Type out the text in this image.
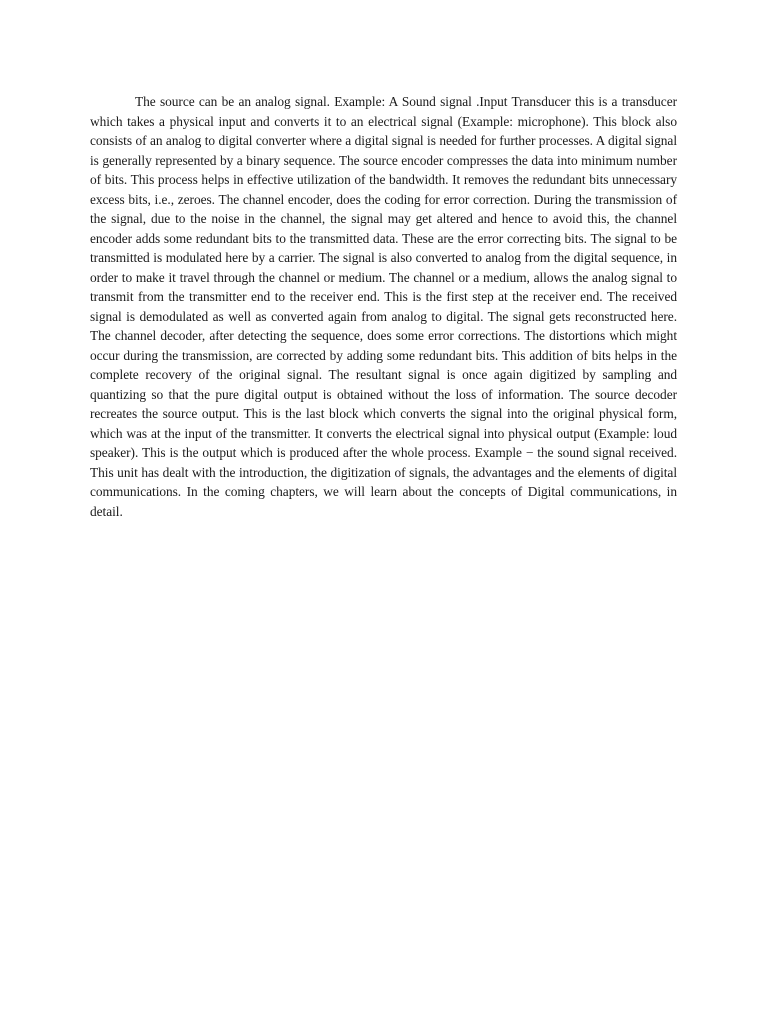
The source can be an analog signal. Example: A Sound signal .Input Transducer this is a transducer which takes a physical input and converts it to an electrical signal (Example: microphone). This block also consists of an analog to digital converter where a digital signal is needed for further processes. A digital signal is generally represented by a binary sequence. The source encoder compresses the data into minimum number of bits. This process helps in effective utilization of the bandwidth. It removes the redundant bits unnecessary excess bits, i.e., zeroes. The channel encoder, does the coding for error correction. During the transmission of the signal, due to the noise in the channel, the signal may get altered and hence to avoid this, the channel encoder adds some redundant bits to the transmitted data. These are the error correcting bits. The signal to be transmitted is modulated here by a carrier. The signal is also converted to analog from the digital sequence, in order to make it travel through the channel or medium. The channel or a medium, allows the analog signal to transmit from the transmitter end to the receiver end. This is the first step at the receiver end. The received signal is demodulated as well as converted again from analog to digital. The signal gets reconstructed here. The channel decoder, after detecting the sequence, does some error corrections. The distortions which might occur during the transmission, are corrected by adding some redundant bits. This addition of bits helps in the complete recovery of the original signal. The resultant signal is once again digitized by sampling and quantizing so that the pure digital output is obtained without the loss of information. The source decoder recreates the source output. This is the last block which converts the signal into the original physical form, which was at the input of the transmitter. It converts the electrical signal into physical output (Example: loud speaker). This is the output which is produced after the whole process. Example − the sound signal received. This unit has dealt with the introduction, the digitization of signals, the advantages and the elements of digital communications. In the coming chapters, we will learn about the concepts of Digital communications, in detail.
